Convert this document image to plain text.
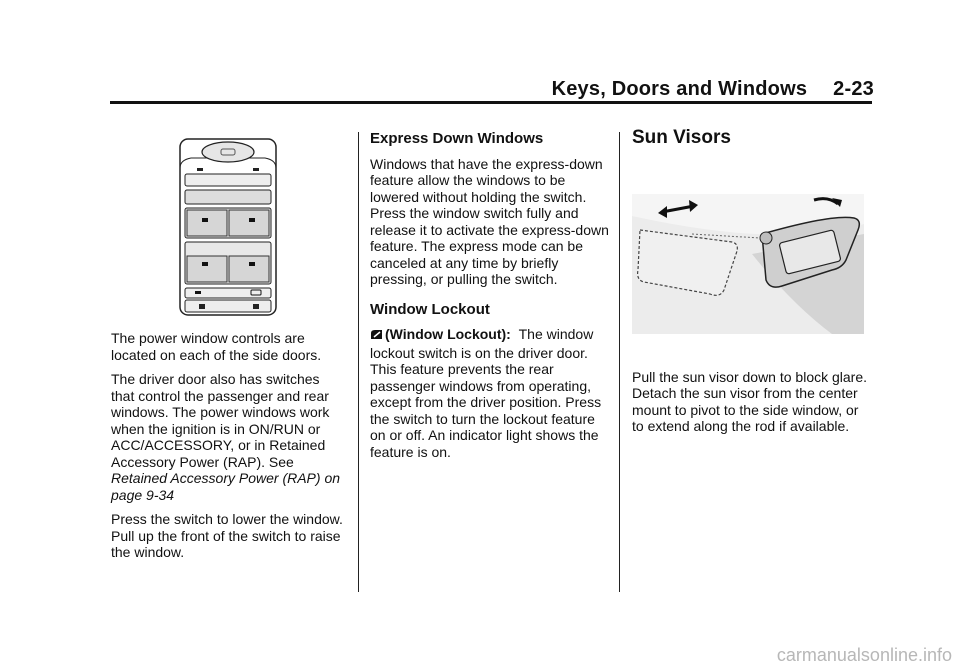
Keys, Doors and Windows 2-23

The power window controls are located on each of the side doors.

The driver door also has switches that control the passenger and rear windows. The power windows work when the ignition is in ON/RUN or ACC/ACCESSORY, or in Retained Accessory Power (RAP). See
Retained Accessory Power (RAP) on page 9-34

Press the switch to lower the window. Pull up the front of the switch to raise the window.

Express Down Windows

Windows that have the express-down feature allow the windows to be lowered without holding the switch. Press the window switch fully and release it to activate the express-down feature. The express mode can be canceled at any time by briefly pressing, or pulling the switch.

Window Lockout

(Window Lockout): The window lockout switch is on the driver door. This feature prevents the rear passenger windows from operating, except from the driver position. Press the switch to turn the lockout feature on or off. An indicator light shows the feature is on.

Sun Visors

Pull the sun visor down to block glare. Detach the sun visor from the center mount to pivot to the side window, or to extend along the rod if available.

carmanualsonline.info
